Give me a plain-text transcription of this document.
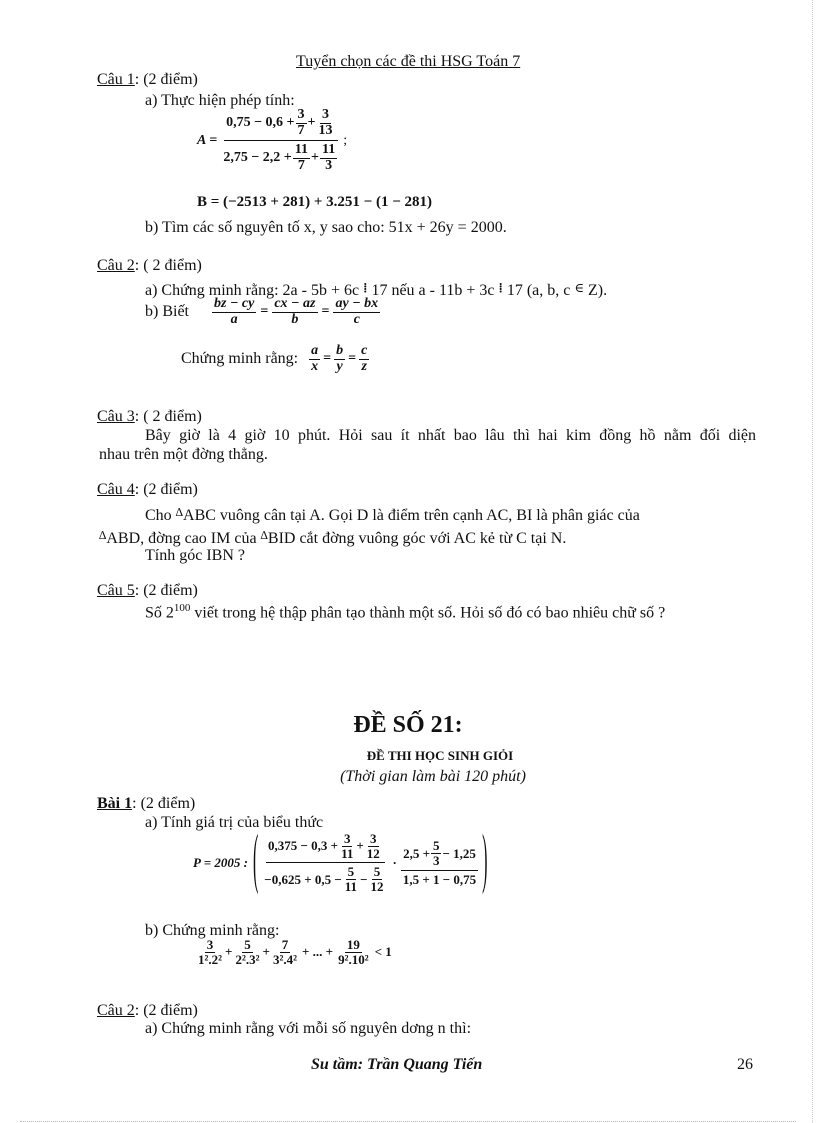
Tuyển chọn các đề thi HSG Toán 7
Câu 1: (2 điểm)
a) Thực hiện phép tính:
$A = \frac{0,75 - 0,6 + \frac{3}{7} + \frac{3}{13}}{2,75 - 2,2 + \frac{11}{7} + \frac{11}{3}}$ ;
B = (−2513 + 281) + 3.251 − (1 − 281)
b) Tìm các số nguyên tố x, y sao cho: 51x + 26y = 2000.
Câu 2: ( 2 điểm)
a) Chứng minh rằng: 2a - 5b + 6c ⁞ 17 nếu a - 11b + 3c ⁞ 17 (a, b, c ∈ Z).
b) Biết $\frac{bz - cy}{a} = \frac{cx - az}{b} = \frac{ay - bx}{c}$
Chứng minh rằng: $\frac{a}{x} = \frac{b}{y} = \frac{c}{z}$
Câu 3: ( 2 điểm)
Bây giờ là 4 giờ 10 phút. Hỏi sau ít nhất bao lâu thì hai kim đồng hồ nằm đối diện
nhau trên một đờng thẳng.
Câu 4: (2 điểm)
Cho ∆ABC vuông cân tại A. Gọi D là điểm trên cạnh AC, BI là phân giác của
∆ABD, đờng cao IM của ∆BID cắt đờng vuông góc với AC kẻ từ C tại N.
Tính góc IBN ?
Câu 5: (2 điểm)
Số $2^{100}$ viết trong hệ thập phân tạo thành một số. Hỏi số đó có bao nhiêu chữ số ?
ĐỀ SỐ 21:
ĐỀ THI HỌC SINH GIỎI
(Thời gian làm bài 120 phút)
Bài 1: (2 điểm)
a) Tính giá trị của biểu thức
P = 2005 : ( $\frac{0,375 - 0,3 + \frac{3}{11} + \frac{3}{12}}{-0,625 + 0,5 - \frac{5}{11} - \frac{5}{12}} \cdot \frac{2,5 + \frac{5}{3} - 1,25}{1,5 + 1 - 0,75}$ )
b) Chứng minh rằng:
$\frac{3}{\text{1².2²}} + \frac{5}{\text{2².3²}} + \frac{7}{\text{3².4²}}$ + ... + $\frac{19}{\text{9².10²}} < 1$
Câu 2: (2 điểm)
a) Chứng minh rằng với mỗi số nguyên dơng n thì:
Su tầm: Trần Quang Tiến	26
